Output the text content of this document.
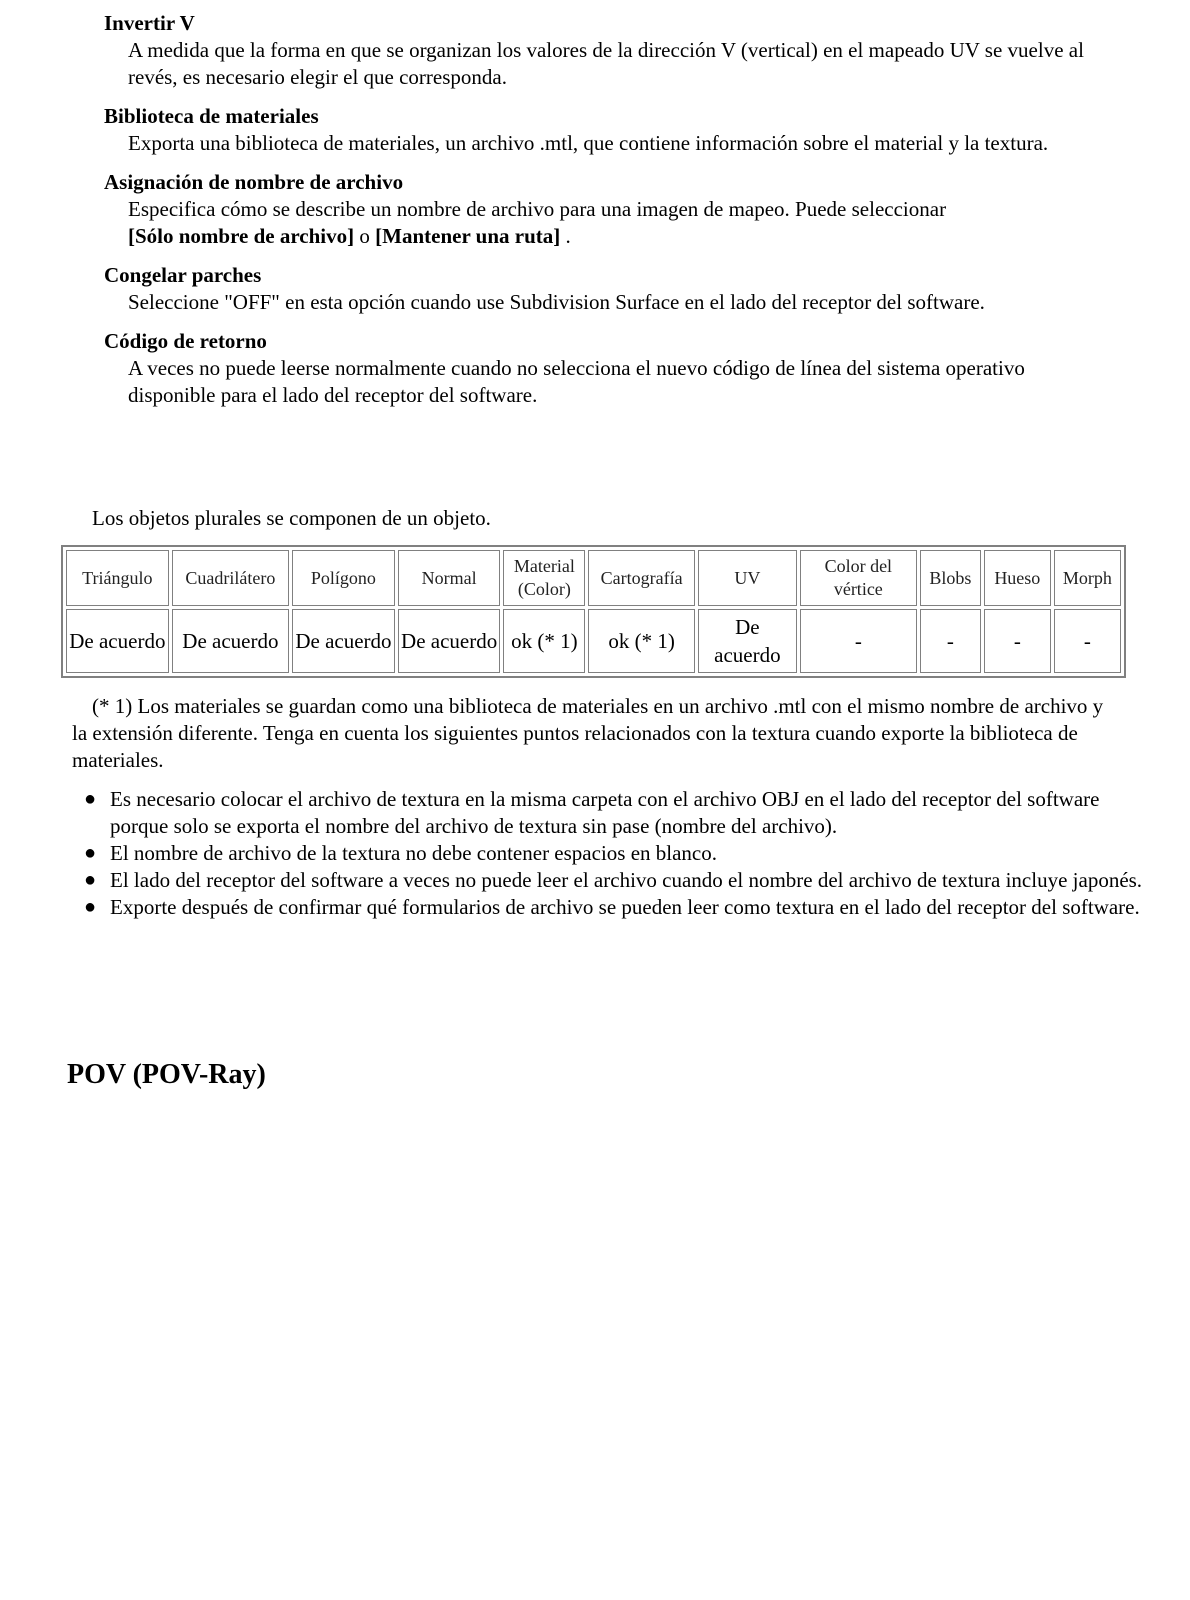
Invertir V
A medida que la forma en que se organizan los valores de la dirección V (vertical) en el mapeado UV se vuelve al revés, es necesario elegir el que corresponda.
Biblioteca de materiales
Exporta una biblioteca de materiales, un archivo .mtl, que contiene información sobre el material y la textura.
Asignación de nombre de archivo
Especifica cómo se describe un nombre de archivo para una imagen de mapeo. Puede seleccionar
[Sólo nombre de archivo] o [Mantener una ruta] .
Congelar parches
Seleccione "OFF" en esta opción cuando use Subdivision Surface en el lado del receptor del software.
Código de retorno
A veces no puede leerse normalmente cuando no selecciona el nuevo código de línea del sistema operativo disponible para el lado del receptor del software.

Los objetos plurales se componen de un objeto.

Triángulo	Cuadrilátero	Polígono	Normal	Material (Color)	Cartografía	UV	Color del vértice	Blobs	Hueso	Morph
De acuerdo	De acuerdo	De acuerdo	De acuerdo	ok (* 1)	ok (* 1)	De acuerdo	-	-	-	-

(* 1) Los materiales se guardan como una biblioteca de materiales en un archivo .mtl con el mismo nombre de archivo y la extensión diferente. Tenga en cuenta los siguientes puntos relacionados con la textura cuando exporte la biblioteca de materiales.

● Es necesario colocar el archivo de textura en la misma carpeta con el archivo OBJ en el lado del receptor del software porque solo se exporta el nombre del archivo de textura sin pase (nombre del archivo).
● El nombre de archivo de la textura no debe contener espacios en blanco.
● El lado del receptor del software a veces no puede leer el archivo cuando el nombre del archivo de textura incluye japonés.
● Exporte después de confirmar qué formularios de archivo se pueden leer como textura en el lado del receptor del software.
POV (POV-Ray)
